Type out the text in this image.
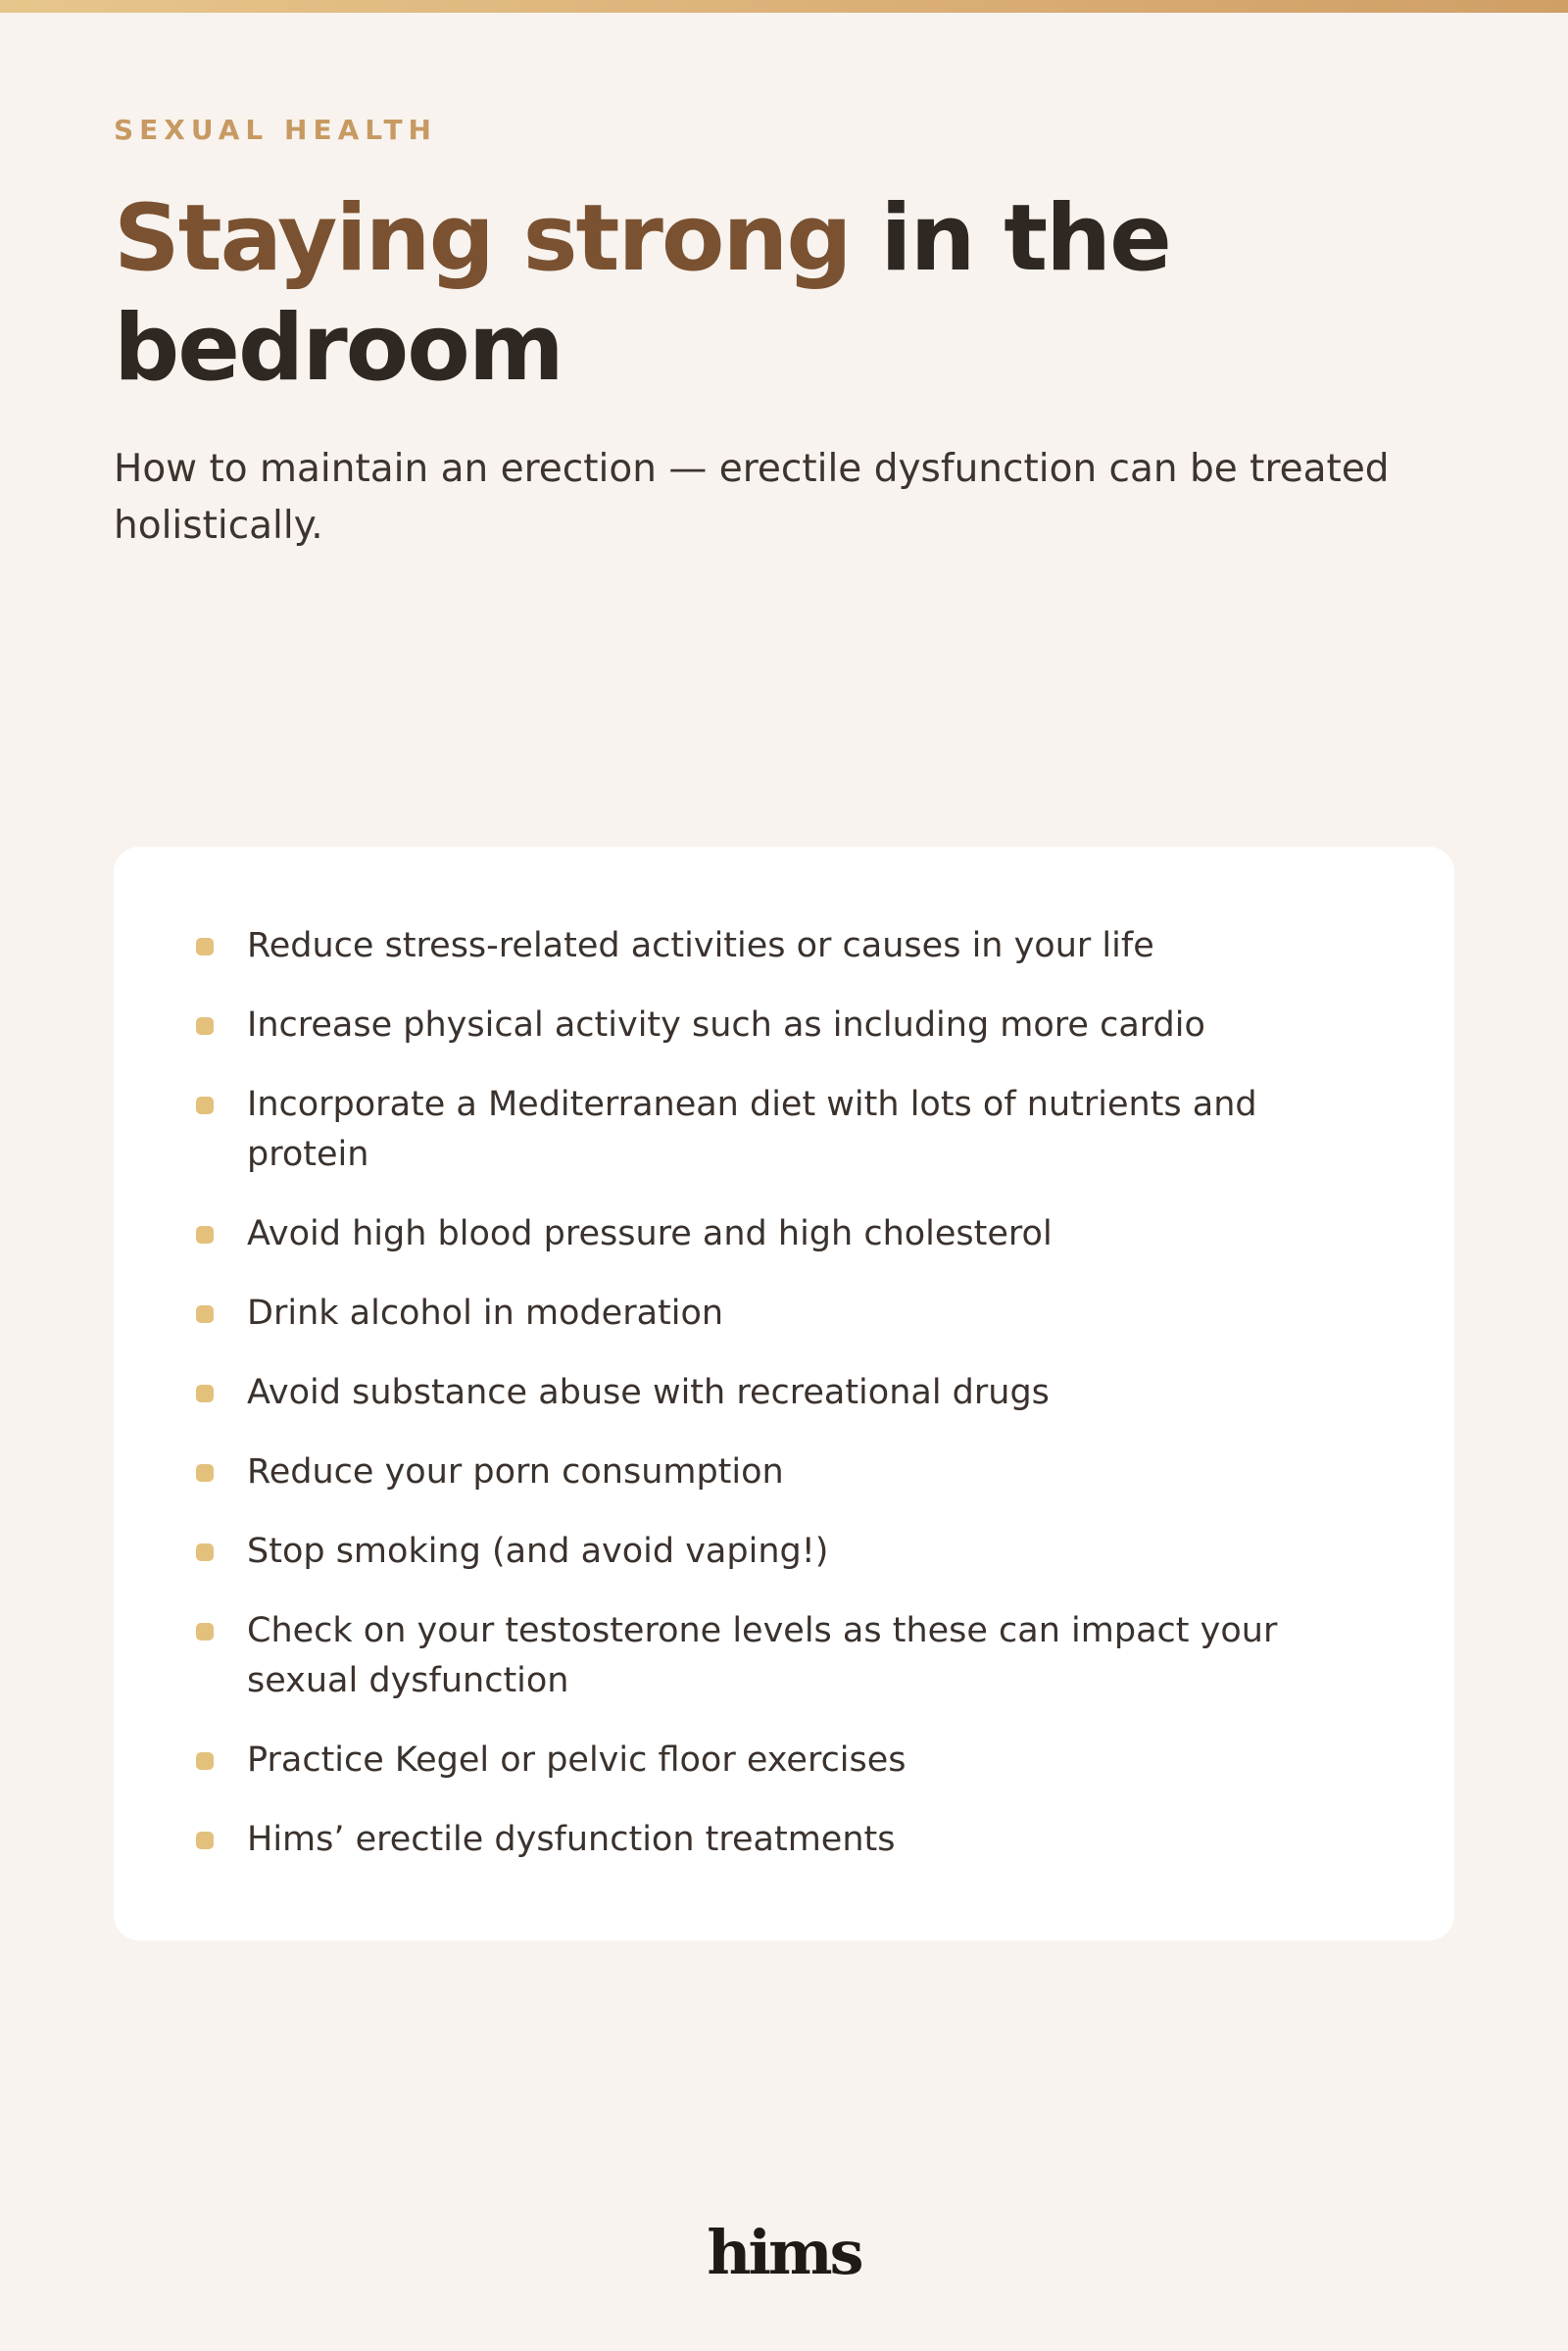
SEXUAL HEALTH
Staying strong in the bedroom

How to maintain an erection — erectile dysfunction can be treated holistically.

Reduce stress-related activities or causes in your life
Increase physical activity such as including more cardio
Incorporate a Mediterranean diet with lots of nutrients and protein
Avoid high blood pressure and high cholesterol
Drink alcohol in moderation
Avoid substance abuse with recreational drugs
Reduce your porn consumption
Stop smoking (and avoid vaping!)
Check on your testosterone levels as these can impact your sexual dysfunction
Practice Kegel or pelvic floor exercises
Hims’ erectile dysfunction treatments
hims
